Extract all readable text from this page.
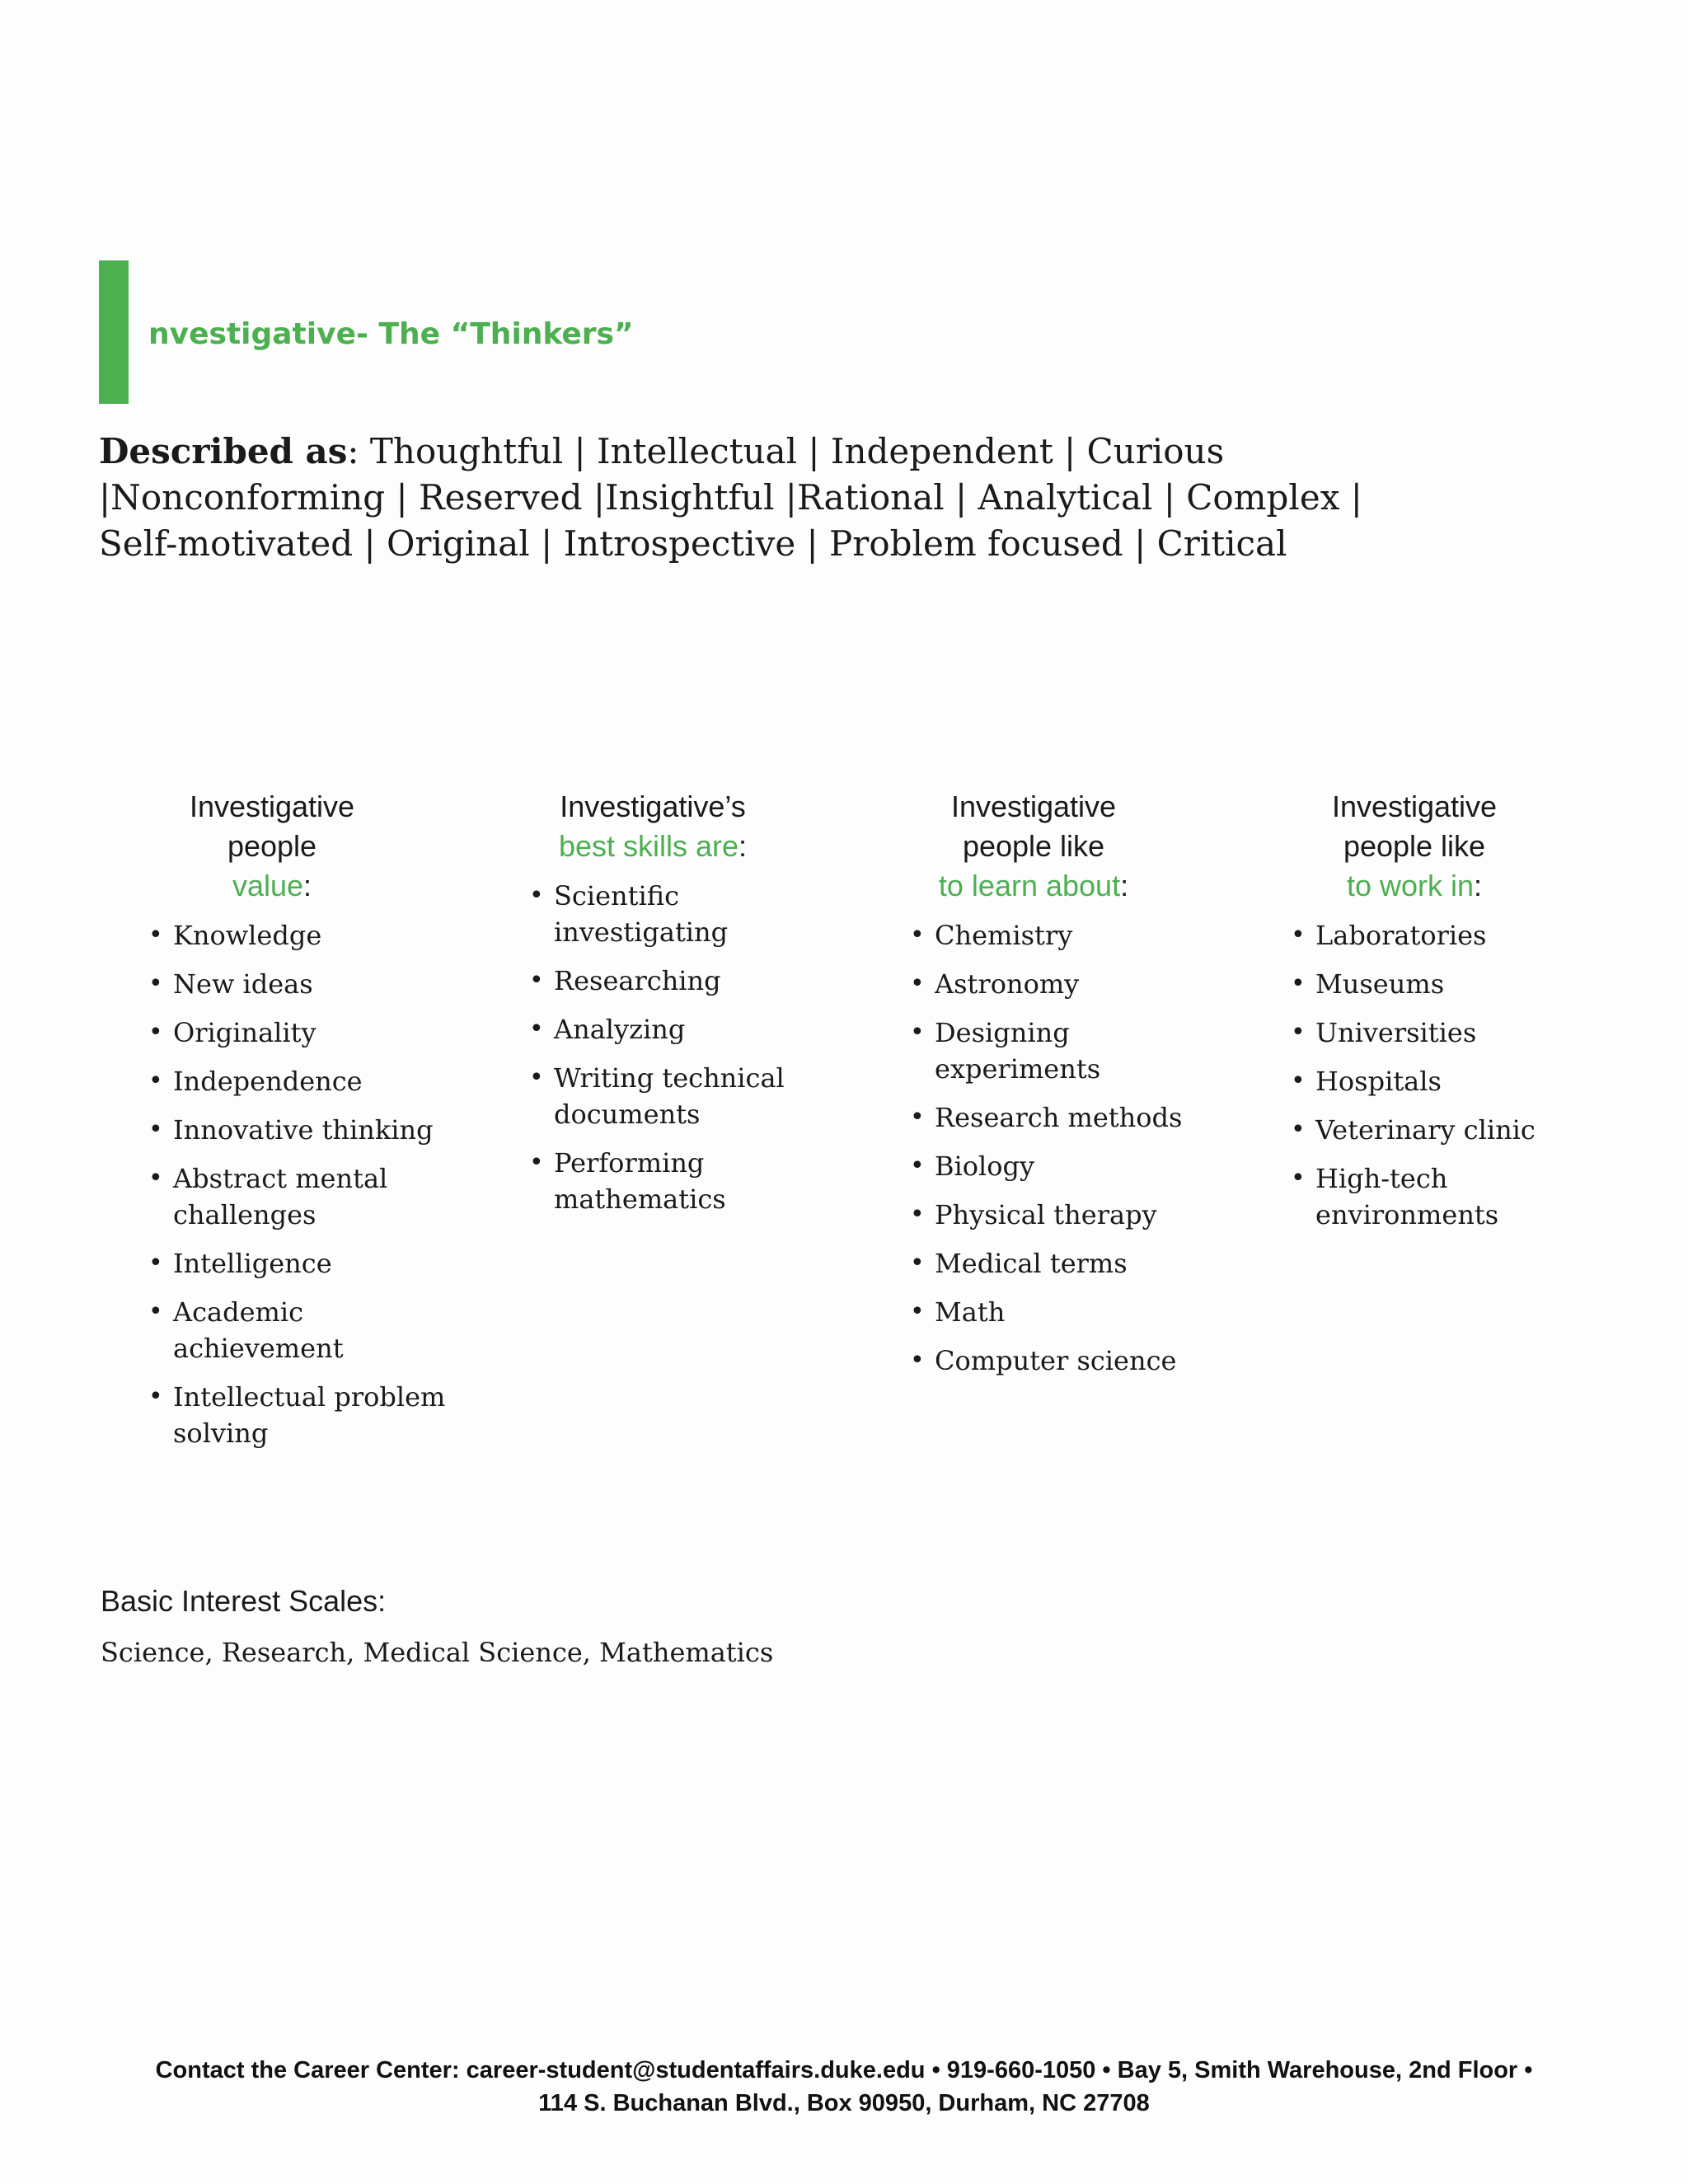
nvestigative- The “Thinkers”
Described as: Thoughtful | Intellectual | Independent | Curious |Nonconforming | Reserved |Insightful |Rational | Analytical | Complex | Self-motivated | Original | Introspective | Problem focused | Critical
Investigative people
value:
• Knowledge
• New ideas
• Originality
• Independence
• Innovative thinking
• Abstract mental challenges
• Intelligence
• Academic achievement
• Intellectual problem solving
Investigative’s
best skills are:
• Scientific investigating
• Researching
• Analyzing
• Writing technical documents
• Performing mathematics
Investigative people like
to learn about:
• Chemistry
• Astronomy
• Designing experiments
• Research methods
• Biology
• Physical therapy
• Medical terms
• Math
• Computer science
Investigative people like
to work in:
• Laboratories
• Museums
• Universities
• Hospitals
• Veterinary clinic
• High-tech environments
Basic Interest Scales:
Science, Research, Medical Science, Mathematics
Contact the Career Center: career-student@studentaffairs.duke.edu • 919-660-1050 • Bay 5, Smith Warehouse, 2nd Floor •
114 S. Buchanan Blvd., Box 90950, Durham, NC 27708
